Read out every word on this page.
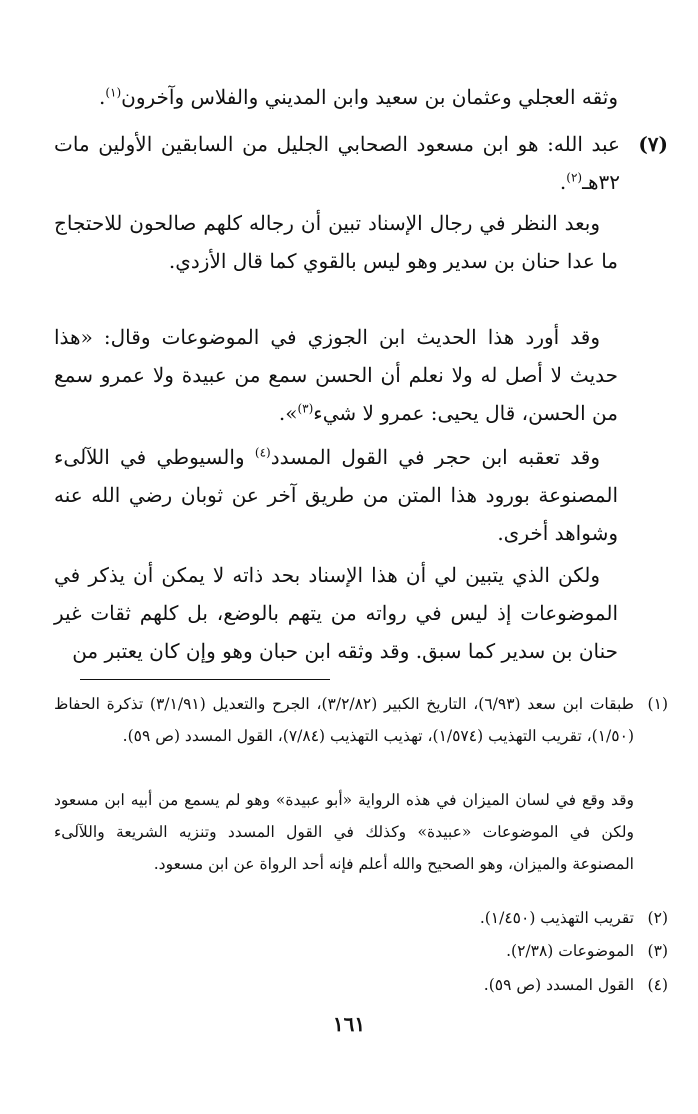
وثقه العجلي وعثمان بن سعيد وابن المديني والفلاس وآخرون$^{(١)}$.

(٧)
عبد الله: هو ابن مسعود الصحابي الجليل من السابقين الأولين مات ٣٢هـ$^{(٢)}$.

وبعد النظر في رجال الإسناد تبين أن رجاله كلهم صالحون للاحتجاج ما عدا حنان بن سدير وهو ليس بالقوي كما قال الأزدي.

وقد أورد هذا الحديث ابن الجوزي في الموضوعات وقال: «هذا حديث لا أصل له ولا نعلم أن الحسن سمع من عبيدة ولا عمرو سمع من الحسن، قال يحيى: عمرو لا شيء$^{(٣)}$».

وقد تعقبه ابن حجر في القول المسدد$^{(٤)}$ والسيوطي في اللآلىء المصنوعة بورود هذا المتن من طريق آخر عن ثوبان رضي الله عنه وشواهد أخرى.

ولكن الذي يتبين لي أن هذا الإسناد بحد ذاته لا يمكن أن يذكر في الموضوعات إذ ليس في رواته من يتهم بالوضع، بل كلهم ثقات غير حنان بن سدير كما سبق. وقد وثقه ابن حبان وهو وإن كان يعتبر من

(١)
طبقات ابن سعد (٦/٩٣)، التاريخ الكبير (٣/٢/٨٢)، الجرح والتعديل (٣/١/٩١) تذكرة الحفاظ (١/٥٠)، تقريب التهذيب (١/٥٧٤)، تهذيب التهذيب (٧/٨٤)، القول المسدد (ص ٥٩).

وقد وقع في لسان الميزان في هذه الرواية «أبو عبيدة» وهو لم يسمع من أبيه ابن مسعود ولكن في الموضوعات «عبيدة» وكذلك في القول المسدد وتنزيه الشريعة واللآلىء المصنوعة والميزان، وهو الصحيح والله أعلم فإنه أحد الرواة عن ابن مسعود.

(٢)
تقريب التهذيب (١/٤٥٠).
(٣)
الموضوعات (٢/٣٨).
(٤)
القول المسدد (ص ٥٩).
١٦١
